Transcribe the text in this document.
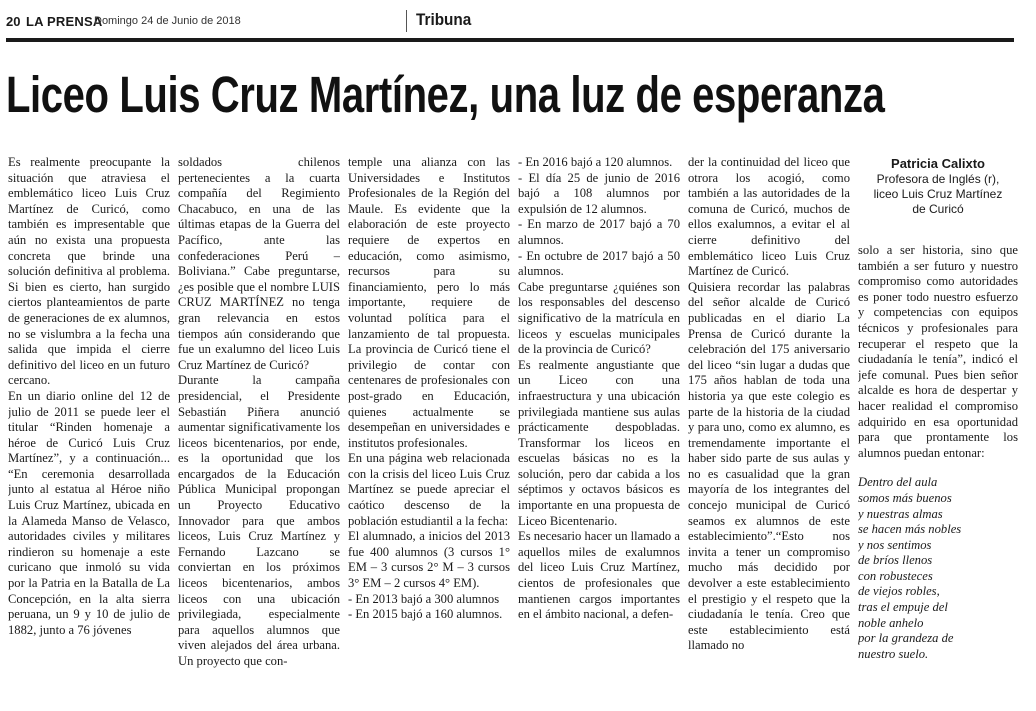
20 LA PRENSA
Domingo 24 de Junio de 2018	Tribuna
Liceo Luis Cruz Martínez, una luz de esperanza

Es realmente preocupante la situación que atraviesa el emblemático liceo Luis Cruz Martínez de Curicó, como también es impresentable que aún no exista una propuesta concreta que brinde una solución definitiva al problema. Si bien es cierto, han surgido ciertos planteamientos de parte de generaciones de ex alumnos, no se vislumbra a la fecha una salida que impida el cierre definitivo del liceo en un futuro cercano.

En un diario online del 12 de julio de 2011 se puede leer el titular “Rinden homenaje a héroe de Curicó Luis Cruz Martínez”, y a continuación... “En ceremonia desarrollada junto al estatua al Héroe niño Luis Cruz Martínez, ubicada en la Alameda Manso de Velasco, autoridades civiles y militares rindieron su homenaje a este curicano que inmoló su vida por la Patria en la Batalla de La Concepción, en la alta sierra peruana, un 9 y 10 de julio de 1882, junto a 76 jóvenes

soldados chilenos pertenecientes a la cuarta compañía del Regimiento Chacabuco, en una de las últimas etapas de la Guerra del Pacífico, ante las confederaciones Perú – Boliviana.” Cabe preguntarse, ¿es posible que el nombre LUIS CRUZ MARTÍNEZ no tenga gran relevancia en estos tiempos aún considerando que fue un exalumno del liceo Luis Cruz Martínez de Curicó?

Durante la campaña presidencial, el Presidente Sebastián Piñera anunció aumentar significativamente los liceos bicentenarios, por ende, es la oportunidad que los encargados de la Educación Pública Municipal propongan un Proyecto Educativo Innovador para que ambos liceos, Luis Cruz Martínez y Fernando Lazcano se conviertan en los próximos liceos bicentenarios, ambos liceos con una ubicación privilegiada, especialmente para aquellos alumnos que viven alejados del área urbana. Un proyecto que con-

temple una alianza con las Universidades e Institutos Profesionales de la Región del Maule. Es evidente que la elaboración de este proyecto requiere de expertos en educación, como asimismo, recursos para su financiamiento, pero lo más importante, requiere de voluntad política para el lanzamiento de tal propuesta. La provincia de Curicó tiene el privilegio de contar con centenares de profesionales con post-grado en Educación, quienes actualmente se desempeñan en universidades e institutos profesionales.

En una página web relacionada con la crisis del liceo Luis Cruz Martínez se puede apreciar el caótico descenso de la población estudiantil a la fecha:

El alumnado, a inicios del 2013 fue 400 alumnos (3 cursos 1° EM – 3 cursos 2° M – 3 cursos 3° EM – 2 cursos 4° EM).

- En 2013 bajó a 300 alumnos

- En 2015 bajó a 160 alumnos.

- En 2016 bajó a 120 alumnos.

- El día 25 de junio de 2016 bajó a 108 alumnos por expulsión de 12 alumnos.

- En marzo de 2017 bajó a 70 alumnos.

- En octubre de 2017 bajó a 50 alumnos.

Cabe preguntarse ¿quiénes son los responsables del descenso significativo de la matrícula en liceos y escuelas municipales de la provincia de Curicó?

Es realmente angustiante que un Liceo con una infraestructura y una ubicación privilegiada mantiene sus aulas prácticamente despobladas. Transformar los liceos en escuelas básicas no es la solución, pero dar cabida a los séptimos y octavos básicos es importante en una propuesta de Liceo Bicentenario.

Es necesario hacer un llamado a aquellos miles de exalumnos del liceo Luis Cruz Martínez, cientos de profesionales que mantienen cargos importantes en el ámbito nacional, a defen-

der la continuidad del liceo que otrora los acogió, como también a las autoridades de la comuna de Curicó, muchos de ellos exalumnos, a evitar el al cierre definitivo del emblemático liceo Luis Cruz Martínez de Curicó.

Quisiera recordar las palabras del señor alcalde de Curicó publicadas en el diario La Prensa de Curicó durante la celebración del 175 aniversario del liceo “sin lugar a dudas que 175 años hablan de toda una historia ya que este colegio es parte de la historia de la ciudad y para uno, como ex alumno, es tremendamente importante el haber sido parte de sus aulas y no es casualidad que la gran mayoría de los integrantes del concejo municipal de Curicó seamos ex alumnos de este establecimiento”.“Esto nos invita a tener un compromiso mucho más decidido por devolver a este establecimiento el prestigio y el respeto que la ciudadanía le tenía. Creo que este establecimiento está llamado no

Patricia Calixto
Profesora de Inglés (r),
liceo Luis Cruz Martínez
de Curicó

solo a ser historia, sino que también a ser futuro y nuestro compromiso como autoridades es poner todo nuestro esfuerzo y competencias con equipos técnicos y profesionales para recuperar el respeto que la ciudadanía le tenía”, indicó el jefe comunal. Pues bien señor alcalde es hora de despertar y hacer realidad el compromiso adquirido en esa oportunidad para que prontamente los alumnos puedan entonar:

Dentro del aula
somos más buenos
y nuestras almas
se hacen más nobles
y nos sentimos
de bríos llenos
con robusteces
de viejos robles,
tras el empuje del
noble anhelo
por la grandeza de
nuestro suelo.
